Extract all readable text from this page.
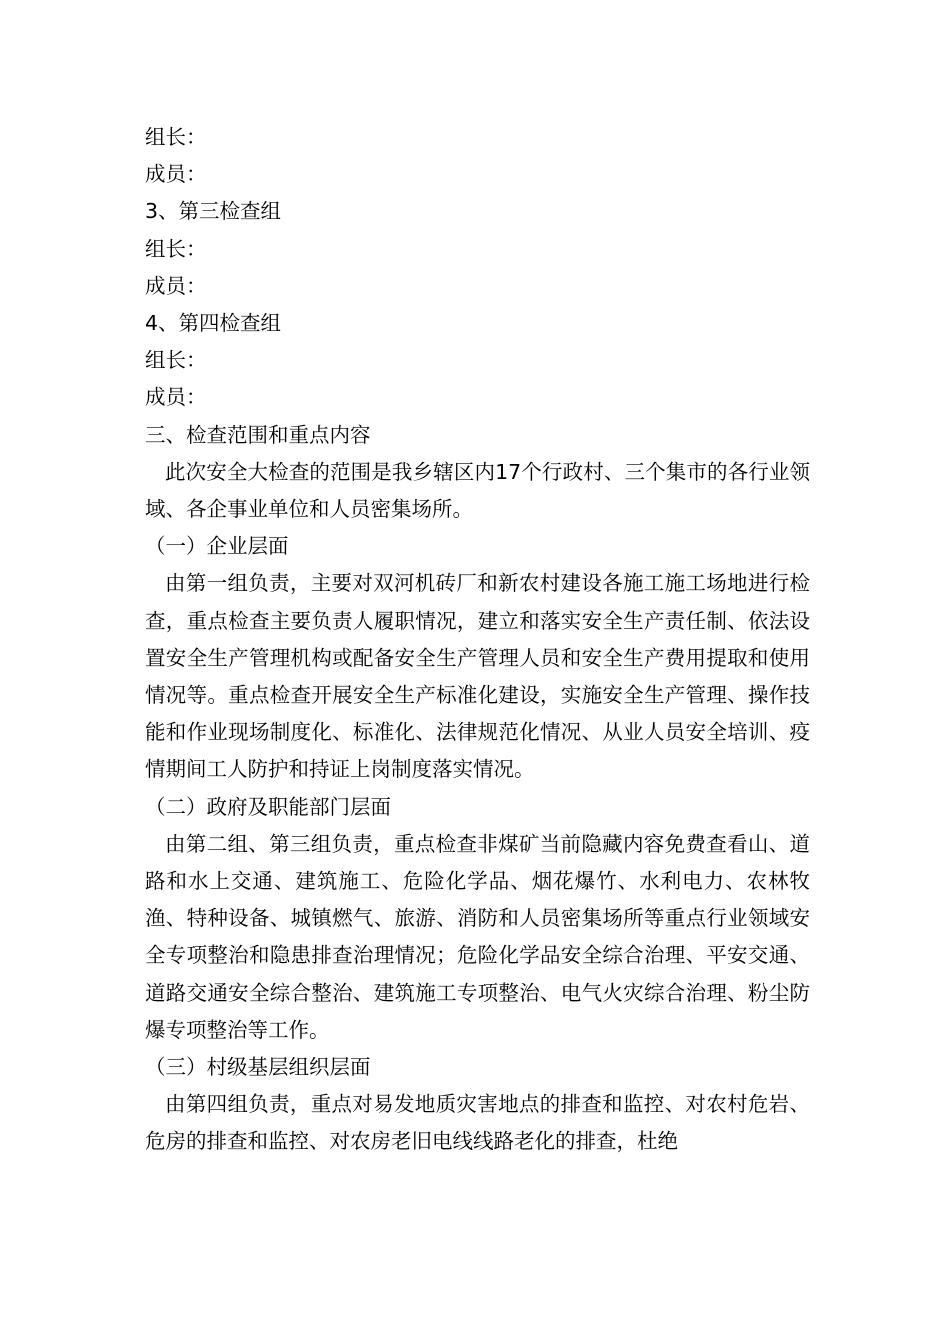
组长：

成员：

3、第三检查组

组长：

成员：

4、第四检查组

组长：

成员：

三、检查范围和重点内容

此次安全大检查的范围是我乡辖区内17个行政村、三个集市的各行业领域、各企事业单位和人员密集场所。

（一）企业层面

由第一组负责，主要对双河机砖厂和新农村建设各施工施工场地进行检查，重点检查主要负责人履职情况，建立和落实安全生产责任制、依法设置安全生产管理机构或配备安全生产管理人员和安全生产费用提取和使用情况等。重点检查开展安全生产标准化建设，实施安全生产管理、操作技能和作业现场制度化、标准化、法律规范化情况、从业人员安全培训、疫情期间工人防护和持证上岗制度落实情况。

（二）政府及职能部门层面

由第二组、第三组负责，重点检查非煤矿当前隐藏内容免费查看山、道路和水上交通、建筑施工、危险化学品、烟花爆竹、水利电力、农林牧渔、特种设备、城镇燃气、旅游、消防和人员密集场所等重点行业领域安全专项整治和隐患排查治理情况；危险化学品安全综合治理、平安交通、道路交通安全综合整治、建筑施工专项整治、电气火灾综合治理、粉尘防爆专项整治等工作。

（三）村级基层组织层面

由第四组负责，重点对易发地质灾害地点的排查和监控、对农村危岩、危房的排查和监控、对农房老旧电线线路老化的排查，杜绝
